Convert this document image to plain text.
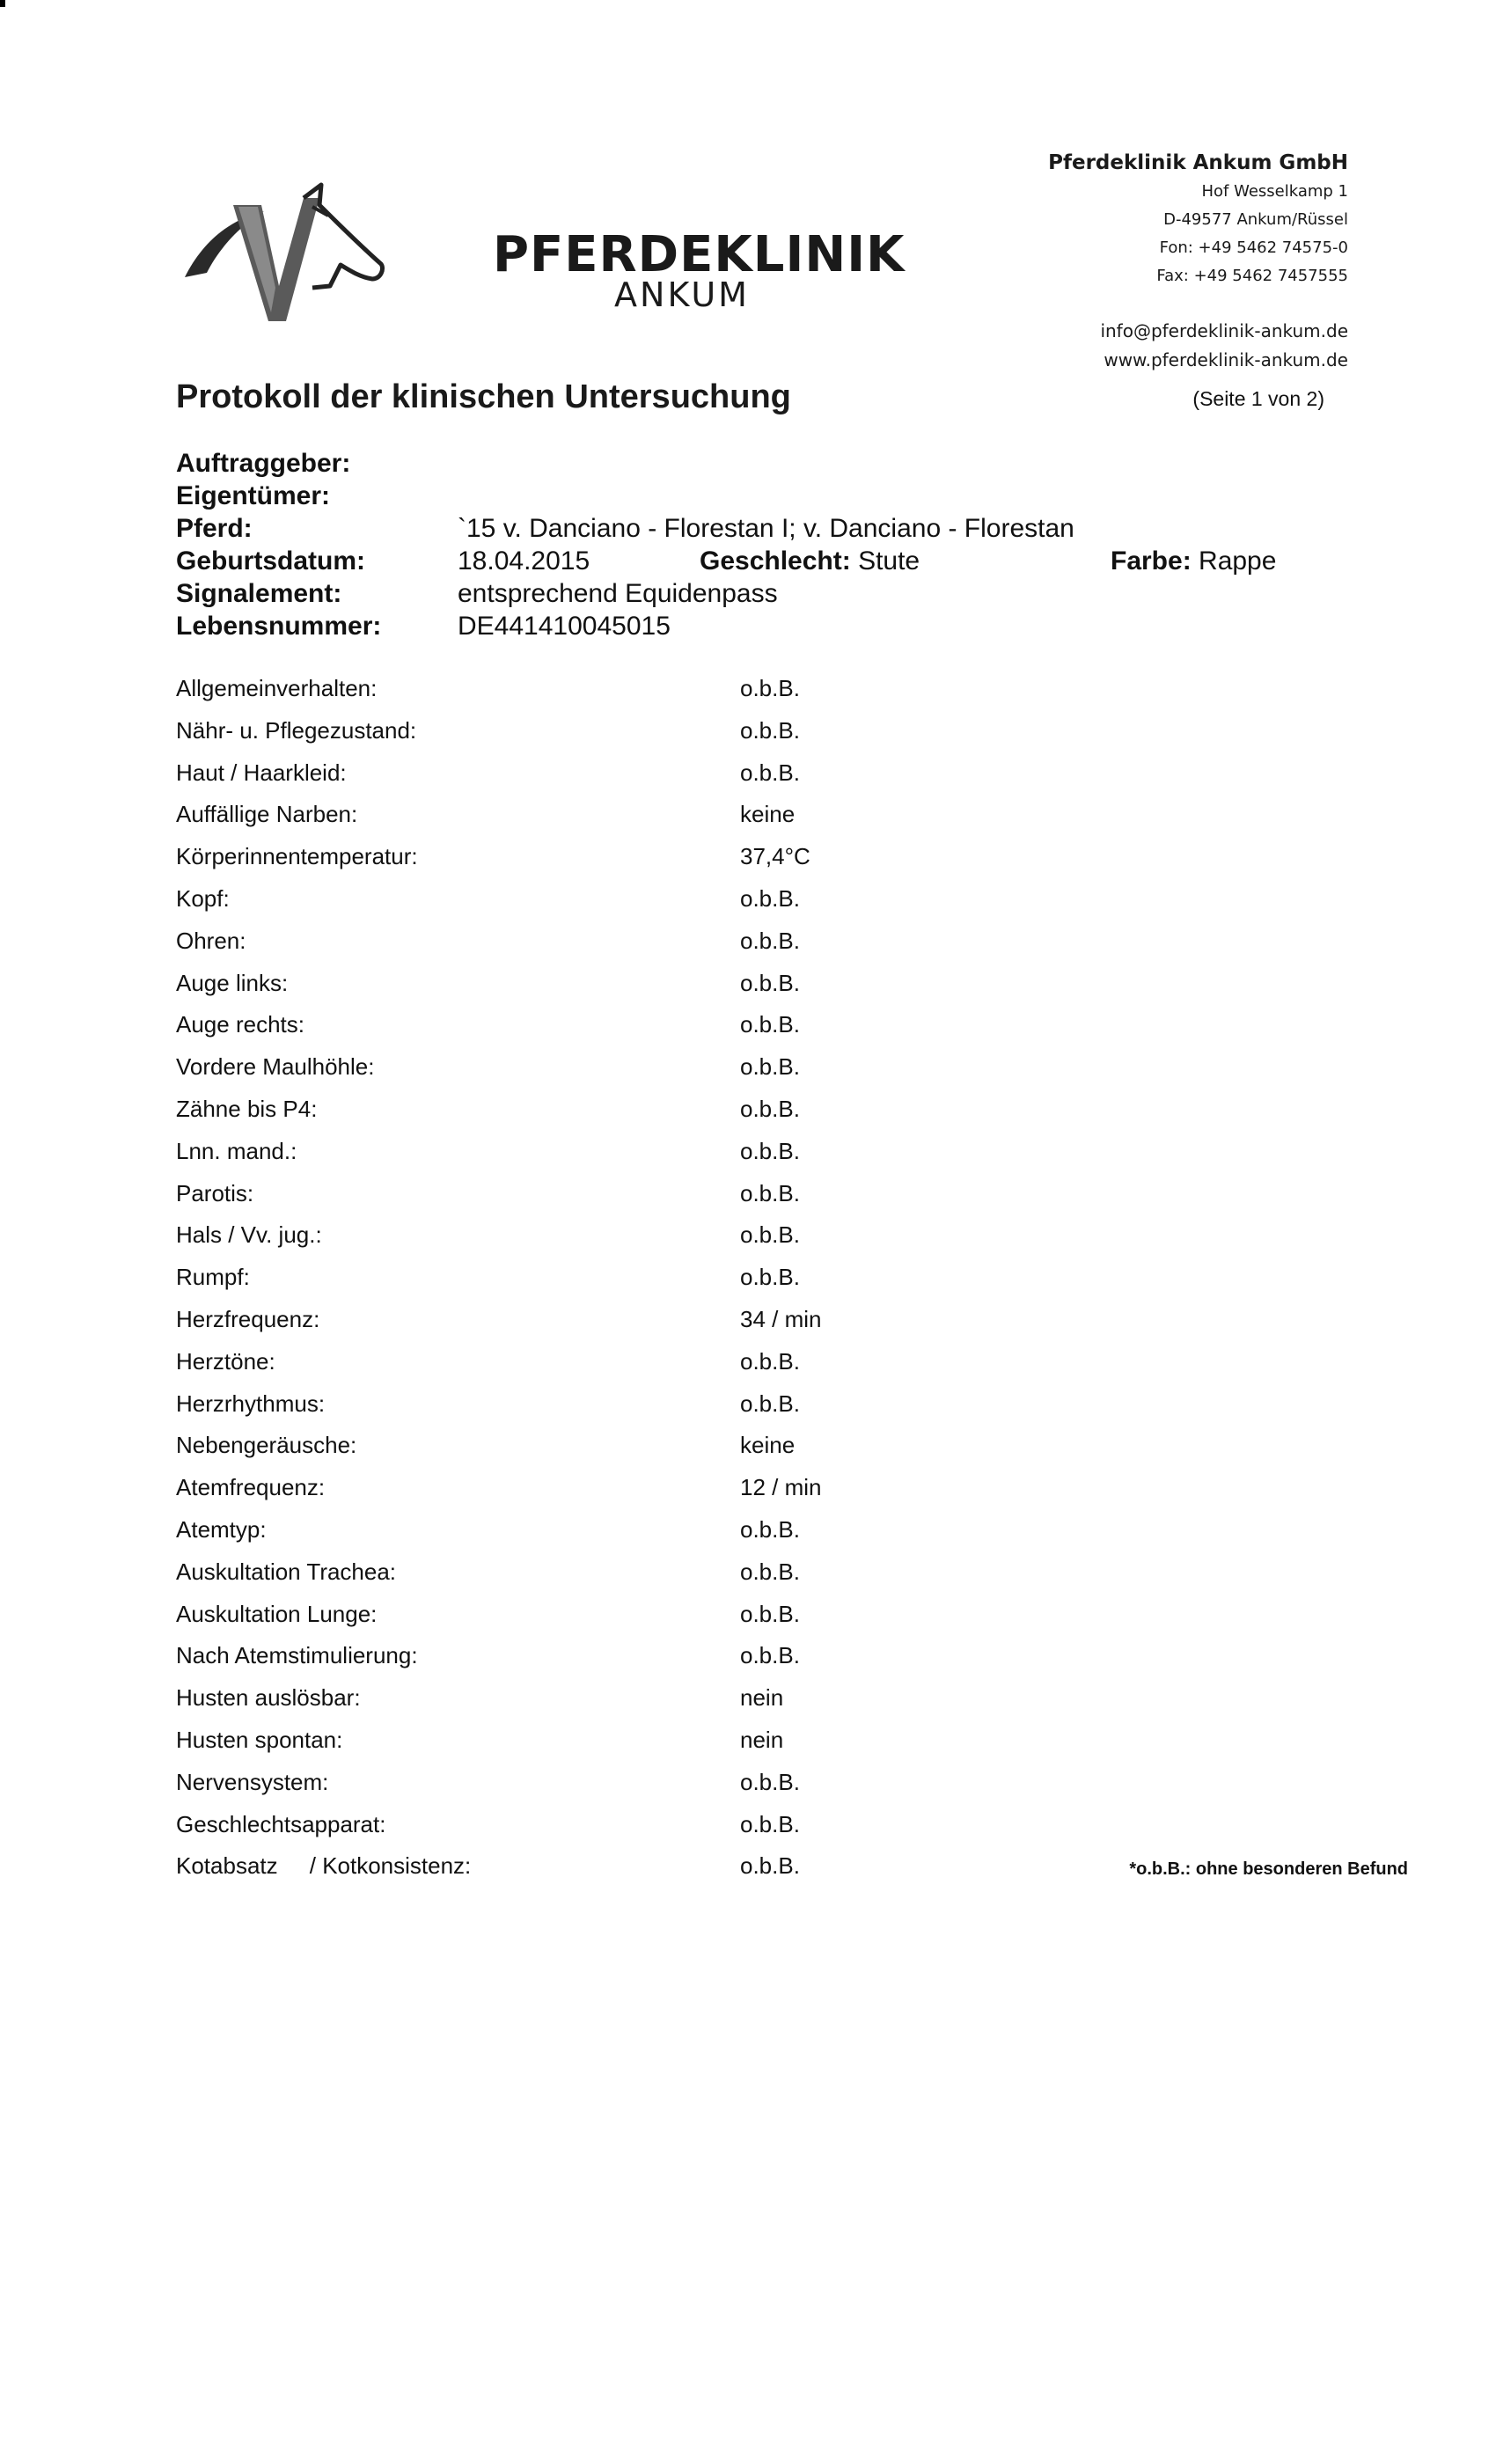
PFERDEKLINIK
ANKUM
Pferdeklinik Ankum GmbH
Hof Wesselkamp 1
D-49577 Ankum/Rüssel
Fon: +49 5462 74575-0
Fax: +49 5462 7457555
info@pferdeklinik-ankum.de
www.pferdeklinik-ankum.de
Protokoll der klinischen Untersuchung	(Seite 1 von 2)
Auftraggeber:
Eigentümer:
Pferd:	`15 v. Danciano - Florestan I; v. Danciano - Florestan
Geburtsdatum:	18.04.2015	Geschlecht: Stute	Farbe: Rappe
Signalement:	entsprechend Equidenpass
Lebensnummer:	DE441410045015
Allgemeinverhalten:	o.b.B.
Nähr- u. Pflegezustand:	o.b.B.
Haut / Haarkleid:	o.b.B.
Auffällige Narben:	keine
Körperinnentemperatur:	37,4°C
Kopf:	o.b.B.
Ohren:	o.b.B.
Auge links:	o.b.B.
Auge rechts:	o.b.B.
Vordere Maulhöhle:	o.b.B.
Zähne bis P4:	o.b.B.
Lnn. mand.:	o.b.B.
Parotis:	o.b.B.
Hals / Vv. jug.:	o.b.B.
Rumpf:	o.b.B.
Herzfrequenz:	34 / min
Herztöne:	o.b.B.
Herzrhythmus:	o.b.B.
Nebengeräusche:	keine
Atemfrequenz:	12 / min
Atemtyp:	o.b.B.
Auskultation Trachea:	o.b.B.
Auskultation Lunge:	o.b.B.
Nach Atemstimulierung:	o.b.B.
Husten auslösbar:	nein
Husten spontan:	nein
Nervensystem:	o.b.B.
Geschlechtsapparat:	o.b.B.
Kotabsatz     / Kotkonsistenz:	o.b.B.	*o.b.B.: ohne besonderen Befund
